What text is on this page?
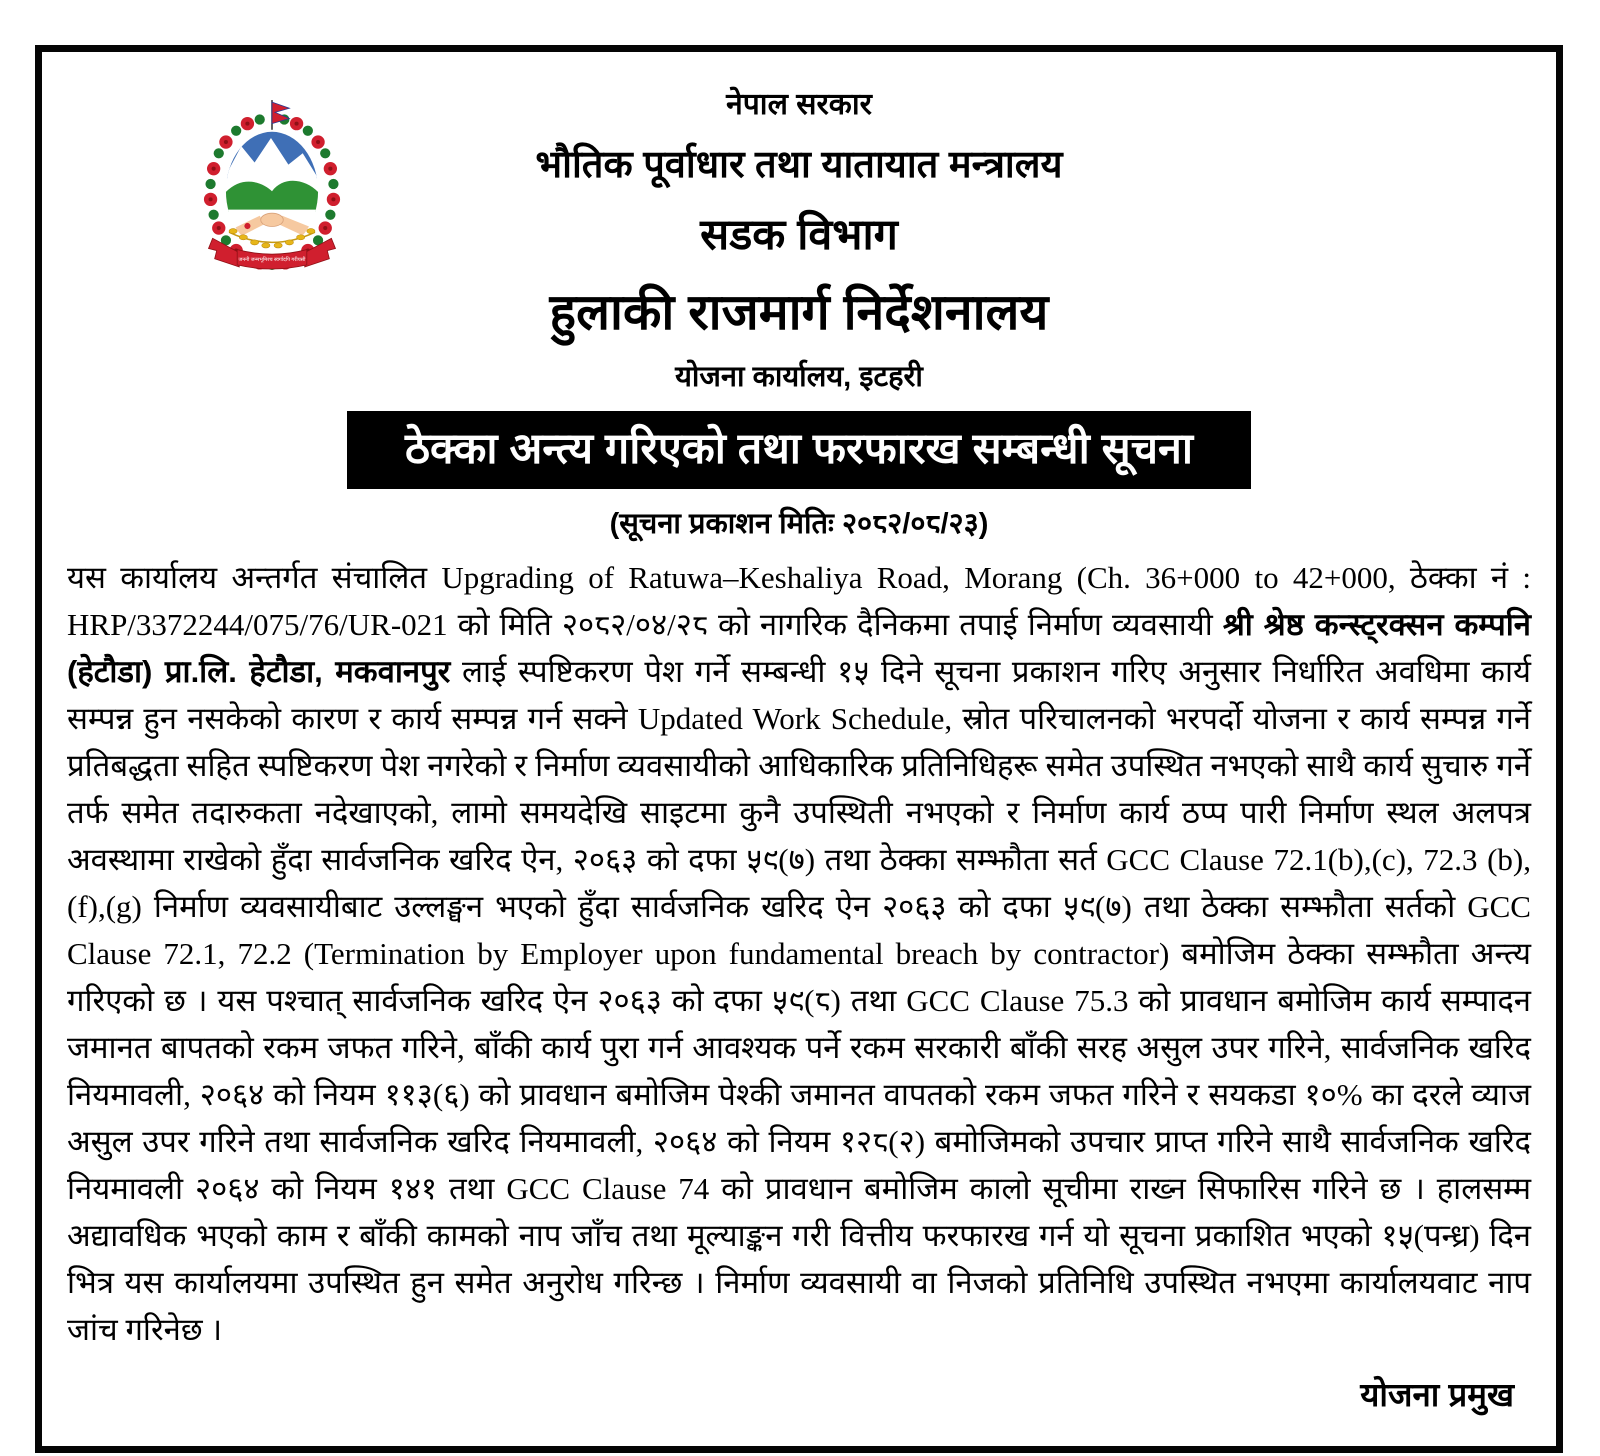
जननी जन्मभूमिश्च स्वर्गादपि गरीयसी
नेपाल सरकार
भौतिक पूर्वाधार तथा यातायात मन्त्रालय
सडक विभाग
हुलाकी राजमार्ग निर्देशनालय
योजना कार्यालय, इटहरी
ठेक्का अन्त्य गरिएको तथा फरफारख सम्बन्धी सूचना
(सूचना प्रकाशन मितिः २०८२/०८/२३)

यस कार्यालय अन्तर्गत संचालित Upgrading of Ratuwa–Keshaliya Road, Morang (Ch. 36+000 to 42+000, ठेक्का नं : HRP/3372244/075/76/UR-021 को मिति २०८२/०४/२८ को नागरिक दैनिकमा तपाई निर्माण व्यवसायी श्री श्रेष्ठ कन्स्ट्रक्सन कम्पनि (हेटौडा) प्रा.लि. हेटौडा, मकवानपुर लाई स्पष्टिकरण पेश गर्ने सम्बन्धी १५ दिने सूचना प्रकाशन गरिए अनुसार निर्धारित अवधिमा कार्य सम्पन्न हुन नसकेको कारण र कार्य सम्पन्न गर्न सक्ने Updated Work Schedule, स्रोत परिचालनको भरपर्दो योजना र कार्य सम्पन्न गर्ने प्रतिबद्धता सहित स्पष्टिकरण पेश नगरेको र निर्माण व्यवसायीको आधिकारिक प्रतिनिधिहरू समेत उपस्थित नभएको साथै कार्य सुचारु गर्ने तर्फ समेत तदारुकता नदेखाएको, लामो समयदेखि साइटमा कुनै उपस्थिती नभएको र निर्माण कार्य ठप्प पारी निर्माण स्थल अलपत्र अवस्थामा राखेको हुँदा सार्वजनिक खरिद ऐन, २०६३ को दफा ५९(७) तथा ठेक्का सम्झौता सर्त GCC Clause 72.1(b),(c), 72.3 (b),(f),(g) निर्माण व्यवसायीबाट उल्लङ्घन भएको हुँदा सार्वजनिक खरिद ऐन २०६३ को दफा ५९(७) तथा ठेक्का सम्झौता सर्तको GCC Clause 72.1, 72.2 (Termination by Employer upon fundamental breach by contractor) बमोजिम ठेक्का सम्झौता अन्त्य गरिएको छ । यस पश्चात् सार्वजनिक खरिद ऐन २०६३ को दफा ५९(८) तथा GCC Clause 75.3 को प्रावधान बमोजिम कार्य सम्पादन जमानत बापतको रकम जफत गरिने, बाँकी कार्य पुरा गर्न आवश्यक पर्ने रकम सरकारी बाँकी सरह असुल उपर गरिने, सार्वजनिक खरिद नियमावली, २०६४ को नियम ११३(६) को प्रावधान बमोजिम पेश्की जमानत वापतको रकम जफत गरिने र सयकडा १०% का दरले व्याज असुल उपर गरिने तथा सार्वजनिक खरिद नियमावली, २०६४ को नियम १२८(२) बमोजिमको उपचार प्राप्त गरिने साथै सार्वजनिक खरिद नियमावली २०६४ को नियम १४१ तथा GCC Clause 74 को प्रावधान बमोजिम कालो सूचीमा राख्न सिफारिस गरिने छ । हालसम्म अद्यावधिक भएको काम र बाँकी कामको नाप जाँच तथा मूल्याङ्कन गरी वित्तीय फरफारख गर्न यो सूचना प्रकाशित भएको १५(पन्ध्र) दिन भित्र यस कार्यालयमा उपस्थित हुन समेत अनुरोध गरिन्छ । निर्माण व्यवसायी वा निजको प्रतिनिधि उपस्थित नभएमा कार्यालयवाट नाप जांच गरिनेछ ।

योजना प्रमुख
